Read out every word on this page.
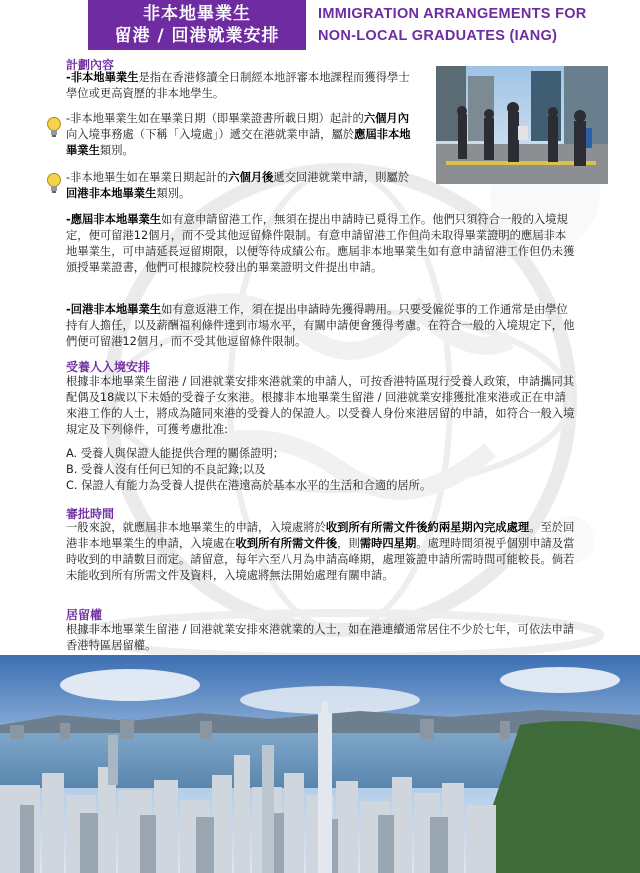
非本地畢業生
留港 / 回港就業安排
IMMIGRATION ARRANGEMENTS FOR
NON-LOCAL GRADUATES (IANG)
計劃內容
-非本地畢業生是指在香港修讀全日制經本地評審本地課程而獲得學士學位或更高資歷的非本地學生。
-非本地畢業生如在畢業日期（即畢業證書所載日期）起計的六個月內向入境事務處（下稱「入境處」）遞交在港就業申請，屬於應屆非本地畢業生類別。
-非本地畢生如在畢業日期起計的六個月後遞交回港就業申請，則屬於回港非本地畢業生類別。
-應屆非本地畢業生如有意申請留港工作，無須在提出申請時已覓得工作。他們只須符合一般的入境規定，便可留港12個月，而不受其他逗留條件限制。有意申請留港工作但尚未取得畢業證明的應屆非本地畢業生，可申請延長逗留期限，以便等待成績公布。應屆非本地畢業生如有意申請留港工作但仍未獲頒授畢業證書，他們可根據院校發出的畢業證明文件提出申請。
-回港非本地畢業生如有意返港工作，須在提出申請時先獲得聘用。只要受僱從事的工作通常是由學位持有人擔任，以及薪酬福利條件達到市場水平，有關申請便會獲得考慮。在符合一般的入境規定下，他們便可留港12個月，而不受其他逗留條件限制。
受養人入境安排
根據非本地畢業生留港 / 回港就業安排來港就業的申請人，可按香港特區現行受養人政策，申請攜同其配偶及18歲以下未婚的受養子女來港。根據非本地畢業生留港 / 回港就業安排獲批准來港或正在申請來港工作的人士，將成為隨同來港的受養人的保證人。以受養人身份來港居留的申請，如符合一般入境規定及下列條件，可獲考慮批准:
A. 受養人與保證人能提供合理的關係證明；
B. 受養人沒有任何已知的不良記錄;以及
C. 保證人有能力為受養人提供在港遠高於基本水平的生活和合適的居所。
審批時間
一般來說，就應屆非本地畢業生的申請，入境處將於收到所有所需文件後約兩星期內完成處理。至於回港非本地畢業生的申請，入境處在收到所有所需文件後，則需時四星期。處理時間須視乎個別申請及當時收到的申請數目而定。請留意，每年六至八月為申請高峰期，處理簽證申請所需時間可能較長。倘若未能收到所有所需文件及資料，入境處將無法開始處理有關申請。
居留權
根據非本地畢業生留港 / 回港就業安排來港就業的人士，如在港連續通常居住不少於七年，可依法申請香港特區居留權。
